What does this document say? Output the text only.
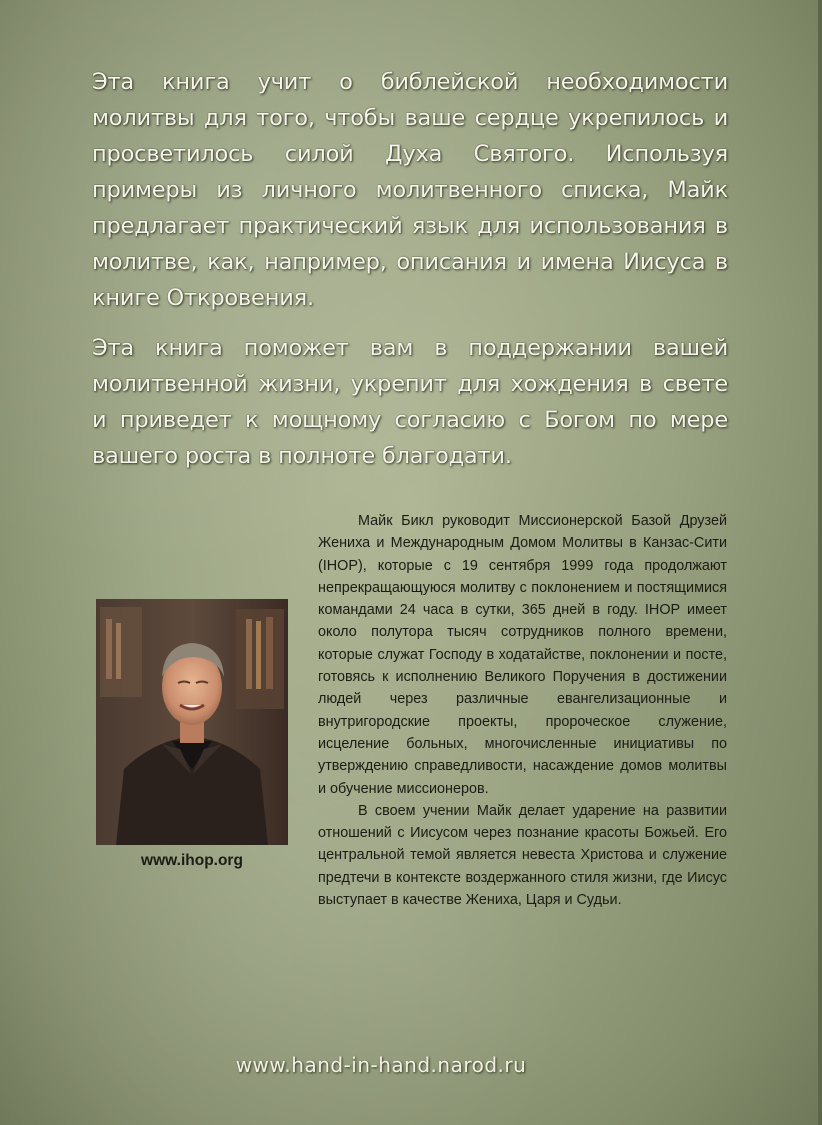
Эта книга учит о библейской необходимости молитвы для того, чтобы ваше сердце укрепилось и просветилось силой Духа Святого. Используя примеры из личного молитвенного списка, Майк предлагает практический язык для использования в молитве, как, например, описания и имена Иисуса в книге Откровения.

Эта книга поможет вам в поддержании вашей молитвенной жизни, укрепит для хождения в свете и приведет к мощному согласию с Богом по мере вашего роста в полноте благодати.

www.ihop.org

Майк Бикл руководит Миссионерской Базой Друзей Жениха и Международным Домом Молитвы в Канзас-Сити (IHOP), которые с 19 сентября 1999 года продолжают непрекращающуюся молитву с поклонением и постящимися командами 24 часа в сутки, 365 дней в году. IHOP имеет около полутора тысяч сотрудников полного времени, которые служат Господу в ходатайстве, поклонении и посте, готовясь к исполнению Великого Поручения в достижении людей через различные евангелизационные и внутригородские проекты, пророческое служение, исцеление больных, многочисленные инициативы по утверждению справедливости, насаждение домов молитвы и обучение миссионеров.

В своем учении Майк делает ударение на развитии отношений с Иисусом через познание красоты Божьей. Его центральной темой является невеста Христова и служение предтечи в контексте воздержанного стиля жизни, где Иисус выступает в качестве Жениха, Царя и Судьи.

www.hand-in-hand.narod.ru
